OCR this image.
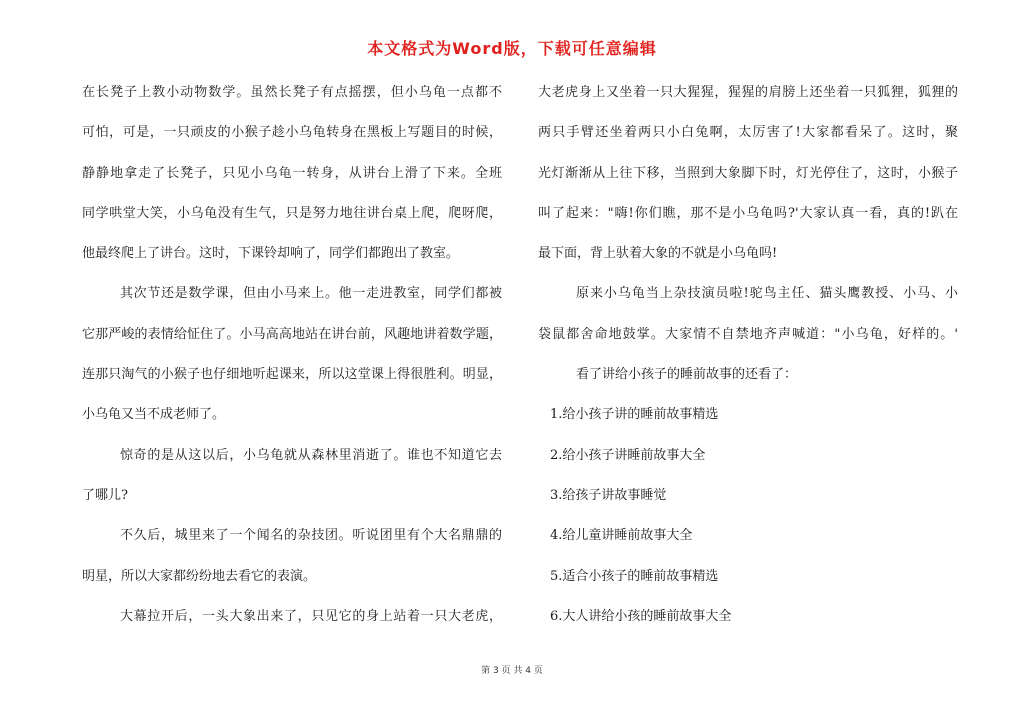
本文格式为Word版，下载可任意编辑
在长凳子上教小动物数学。虽然长凳子有点摇摆，但小乌龟一点都不
可怕，可是，一只顽皮的小猴子趁小乌龟转身在黑板上写题目的时候，
静静地拿走了长凳子，只见小乌龟一转身，从讲台上滑了下来。全班
同学哄堂大笑，小乌龟没有生气，只是努力地往讲台桌上爬，爬呀爬，
他最终爬上了讲台。这时，下课铃却响了，同学们都跑出了教室。
其次节还是数学课，但由小马来上。他一走进教室，同学们都被
它那严峻的表情给怔住了。小马高高地站在讲台前，风趣地讲着数学题，
连那只淘气的小猴子也仔细地听起课来，所以这堂课上得很胜利。明显，
小乌龟又当不成老师了。
惊奇的是从这以后，小乌龟就从森林里消逝了。谁也不知道它去
了哪儿?
不久后，城里来了一个闻名的杂技团。听说团里有个大名鼎鼎的
明星，所以大家都纷纷地去看它的表演。
大幕拉开后，一头大象出来了，只见它的身上站着一只大老虎，
大老虎身上又坐着一只大猩猩，猩猩的肩膀上还坐着一只狐狸，狐狸的
两只手臂还坐着两只小白兔啊，太厉害了!大家都看呆了。这时，聚
光灯渐渐从上往下移，当照到大象脚下时，灯光停住了，这时，小猴子
叫了起来："嗨!你们瞧，那不是小乌龟吗?'大家认真一看，真的!趴在
最下面，背上驮着大象的不就是小乌龟吗!
原来小乌龟当上杂技演员啦!驼鸟主任、猫头鹰教授、小马、小
袋鼠都舍命地鼓掌。大家情不自禁地齐声喊道："小乌龟，好样的。'
看了讲给小孩子的睡前故事的还看了：
1.给小孩子讲的睡前故事精选
2.给小孩子讲睡前故事大全
3.给孩子讲故事睡觉
4.给儿童讲睡前故事大全
5.适合小孩子的睡前故事精选
6.大人讲给小孩的睡前故事大全
第 3 页 共 4 页
